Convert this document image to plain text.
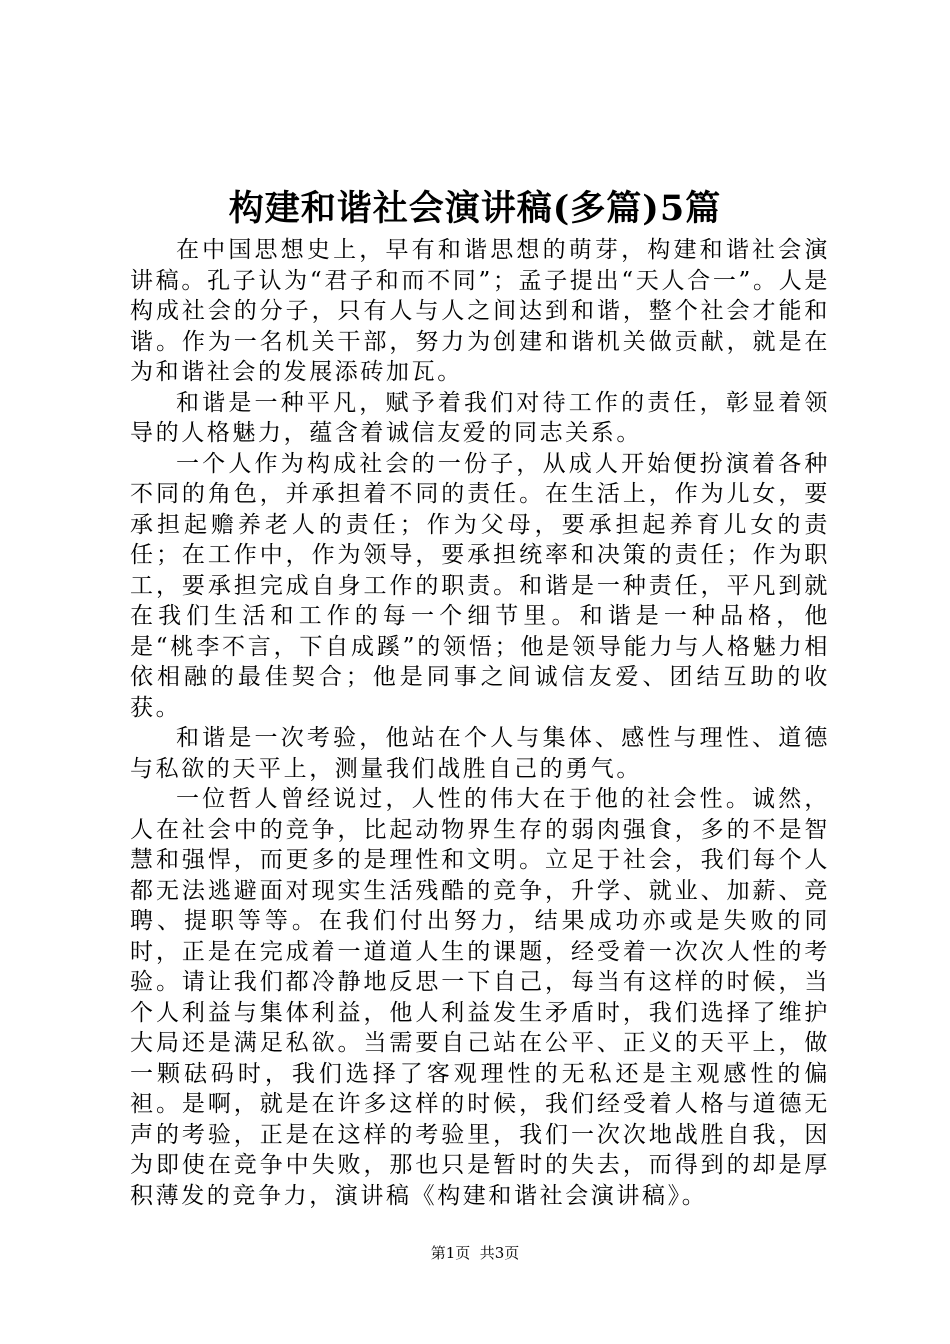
构建和谐社会演讲稿(多篇)5篇

在中国思想史上，早有和谐思想的萌芽，构建和谐社会演讲稿。孔子认为“君子和而不同”；孟子提出“天人合一”。人是构成社会的分子，只有人与人之间达到和谐，整个社会才能和谐。作为一名机关干部，努力为创建和谐机关做贡献，就是在为和谐社会的发展添砖加瓦。

和谐是一种平凡，赋予着我们对待工作的责任，彰显着领导的人格魅力，蕴含着诚信友爱的同志关系。

一个人作为构成社会的一份子，从成人开始便扮演着各种不同的角色，并承担着不同的责任。在生活上，作为儿女，要承担起赡养老人的责任；作为父母，要承担起养育儿女的责任；在工作中，作为领导，要承担统率和决策的责任；作为职工，要承担完成自身工作的职责。和谐是一种责任，平凡到就在我们生活和工作的每一个细节里。和谐是一种品格，他是“桃李不言，下自成蹊”的领悟；他是领导能力与人格魅力相依相融的最佳契合；他是同事之间诚信友爱、团结互助的收获。

和谐是一次考验，他站在个人与集体、感性与理性、道德与私欲的天平上，测量我们战胜自己的勇气。

一位哲人曾经说过，人性的伟大在于他的社会性。诚然，人在社会中的竞争，比起动物界生存的弱肉强食，多的不是智慧和强悍，而更多的是理性和文明。立足于社会，我们每个人都无法逃避面对现实生活残酷的竞争，升学、就业、加薪、竞聘、提职等等。在我们付出努力，结果成功亦或是失败的同时，正是在完成着一道道人生的课题，经受着一次次人性的考验。请让我们都冷静地反思一下自己，每当有这样的时候，当个人利益与集体利益，他人利益发生矛盾时，我们选择了维护大局还是满足私欲。当需要自己站在公平、正义的天平上，做一颗砝码时，我们选择了客观理性的无私还是主观感性的偏袒。是啊，就是在许多这样的时候，我们经受着人格与道德无声的考验，正是在这样的考验里，我们一次次地战胜自我，因为即使在竞争中失败，那也只是暂时的失去，而得到的却是厚积薄发的竞争力，演讲稿《构建和谐社会演讲稿》。

第1页  共3页
